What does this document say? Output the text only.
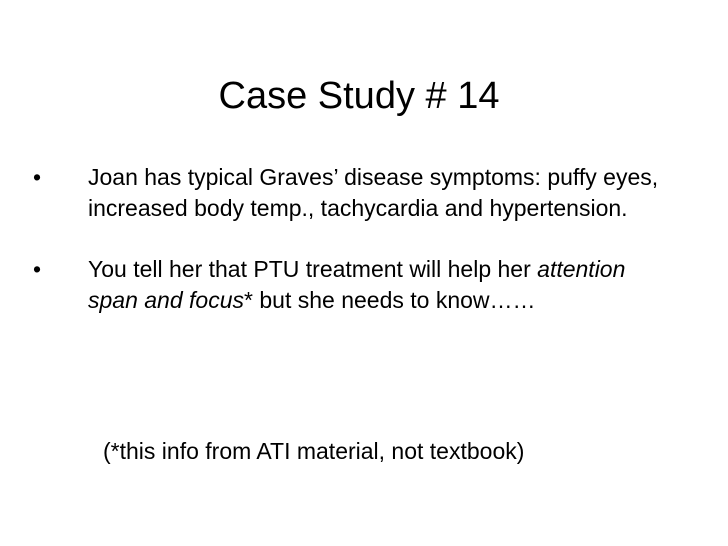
Case Study # 14
•	Joan has typical Graves’ disease symptoms: puffy eyes, increased body temp., tachycardia and hypertension.
•	You tell her that PTU treatment will help her attention span and focus* but she needs to know……

(*this info from ATI material, not textbook)
